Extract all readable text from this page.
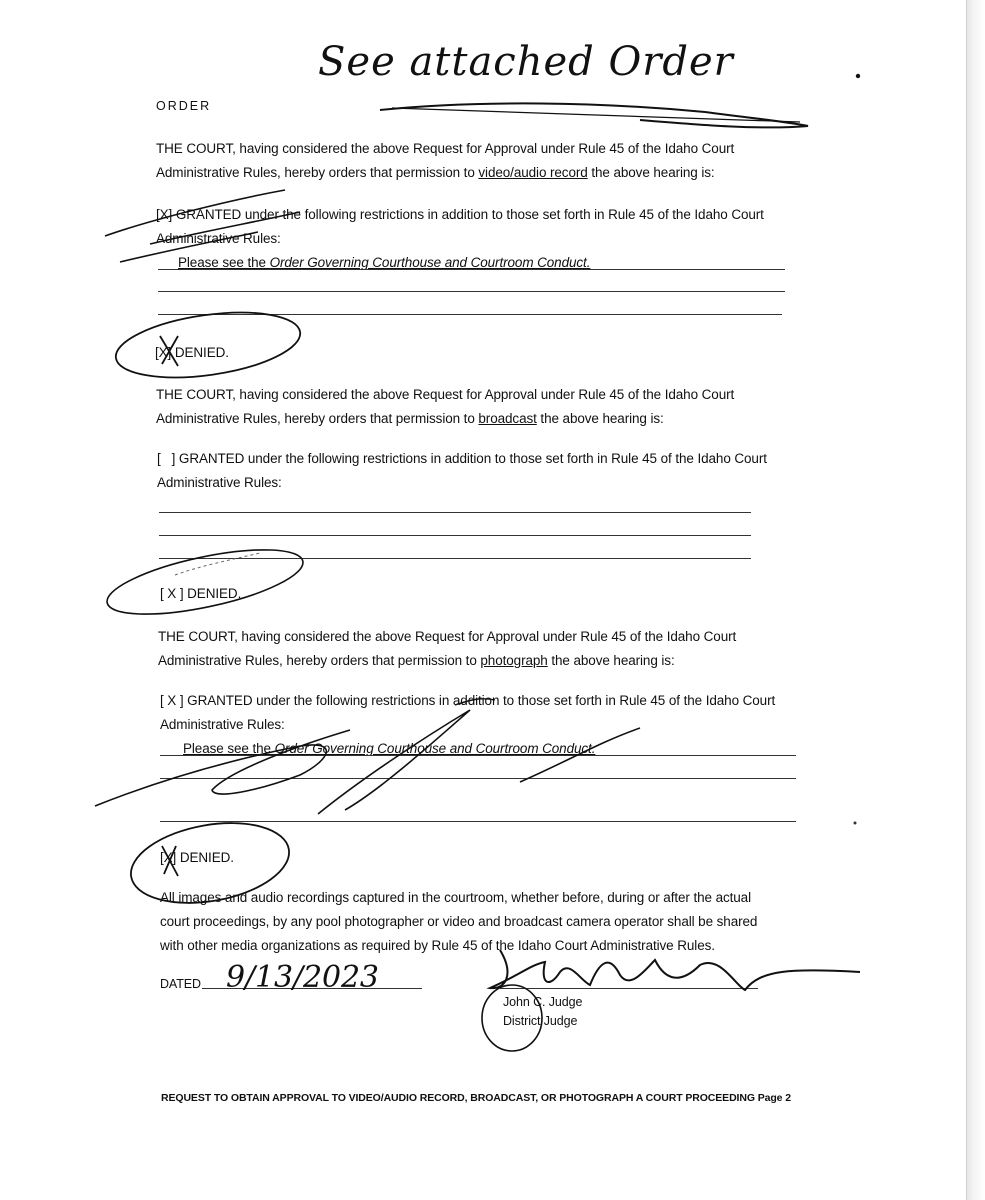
See attached Order
ORDER
THE COURT, having considered the above Request for Approval under Rule 45 of the Idaho Court
Administrative Rules, hereby orders that permission to video/audio record the above hearing is:
[X] GRANTED under the following restrictions in addition to those set forth in Rule 45 of the Idaho Court
Administrative Rules:
Please see the Order Governing Courthouse and Courtroom Conduct.
[X] DENIED.
THE COURT, having considered the above Request for Approval under Rule 45 of the Idaho Court
Administrative Rules, hereby orders that permission to broadcast the above hearing is:
[   ] GRANTED under the following restrictions in addition to those set forth in Rule 45 of the Idaho Court
Administrative Rules:
[ X ] DENIED.
THE COURT, having considered the above Request for Approval under Rule 45 of the Idaho Court
Administrative Rules, hereby orders that permission to photograph the above hearing is:
[ X ] GRANTED under the following restrictions in addition to those set forth in Rule 45 of the Idaho Court
Administrative Rules:
Please see the Order Governing Courthouse and Courtroom Conduct.
[X] DENIED.
All images and audio recordings captured in the courtroom, whether before, during or after the actual
court proceedings, by any pool photographer or video and broadcast camera operator shall be shared
with other media organizations as required by Rule 45 of the Idaho Court Administrative Rules.
DATED 9/13/2023
John C. Judge
District Judge
REQUEST TO OBTAIN APPROVAL TO VIDEO/AUDIO RECORD, BROADCAST, OR PHOTOGRAPH A COURT PROCEEDING Page 2
